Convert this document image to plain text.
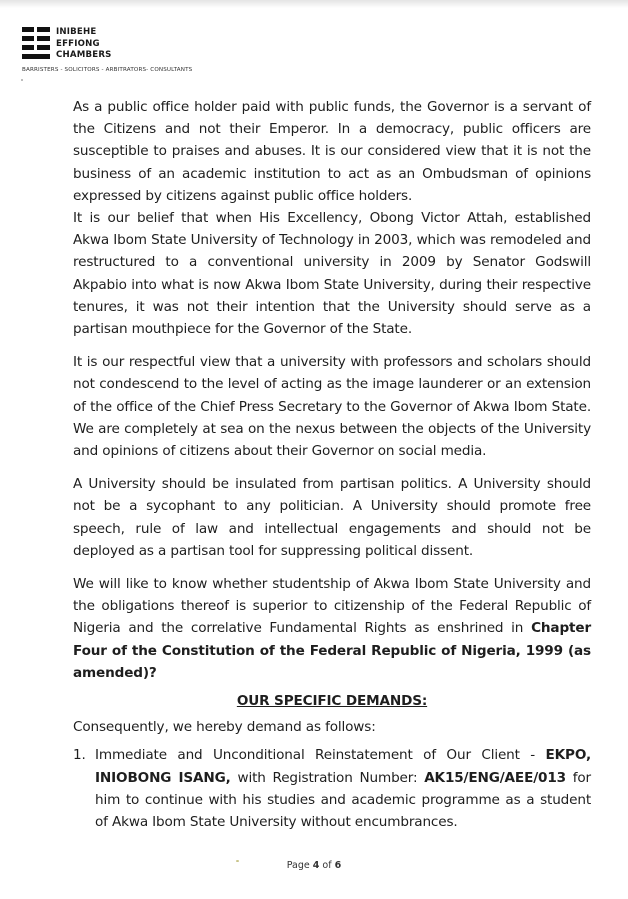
INIBEHE
EFFIONG
CHAMBERS
BARRISTERS - SOLICITORS - ARBITRATORS- CONSULTANTS

As a public office holder paid with public funds, the Governor is a servant of the Citizens and not their Emperor. In a democracy, public officers are susceptible to praises and abuses. It is our considered view that it is not the business of an academic institution to act as an Ombudsman of opinions expressed by citizens against public office holders.

It is our belief that when His Excellency, Obong Victor Attah, established Akwa Ibom State University of Technology in 2003, which was remodeled and restructured to a conventional university in 2009 by Senator Godswill Akpabio into what is now Akwa Ibom State University, during their respective tenures, it was not their intention that the University should serve as a partisan mouthpiece for the Governor of the State.

It is our respectful view that a university with professors and scholars should not condescend to the level of acting as the image launderer or an extension of the office of the Chief Press Secretary to the Governor of Akwa Ibom State. We are completely at sea on the nexus between the objects of the University and opinions of citizens about their Governor on social media.

A University should be insulated from partisan politics. A University should not be a sycophant to any politician. A University should promote free speech, rule of law and intellectual engagements and should not be deployed as a partisan tool for suppressing political dissent.

We will like to know whether studentship of Akwa Ibom State University and the obligations thereof is superior to citizenship of the Federal Republic of Nigeria and the correlative Fundamental Rights as enshrined in Chapter Four of the Constitution of the Federal Republic of Nigeria, 1999 (as amended)?

OUR SPECIFIC DEMANDS:

Consequently, we hereby demand as follows:

1. Immediate and Unconditional Reinstatement of Our Client - EKPO, INIOBONG ISANG, with Registration Number: AK15/ENG/AEE/013 for him to continue with his studies and academic programme as a student of Akwa Ibom State University without encumbrances.
Page 4 of 6
